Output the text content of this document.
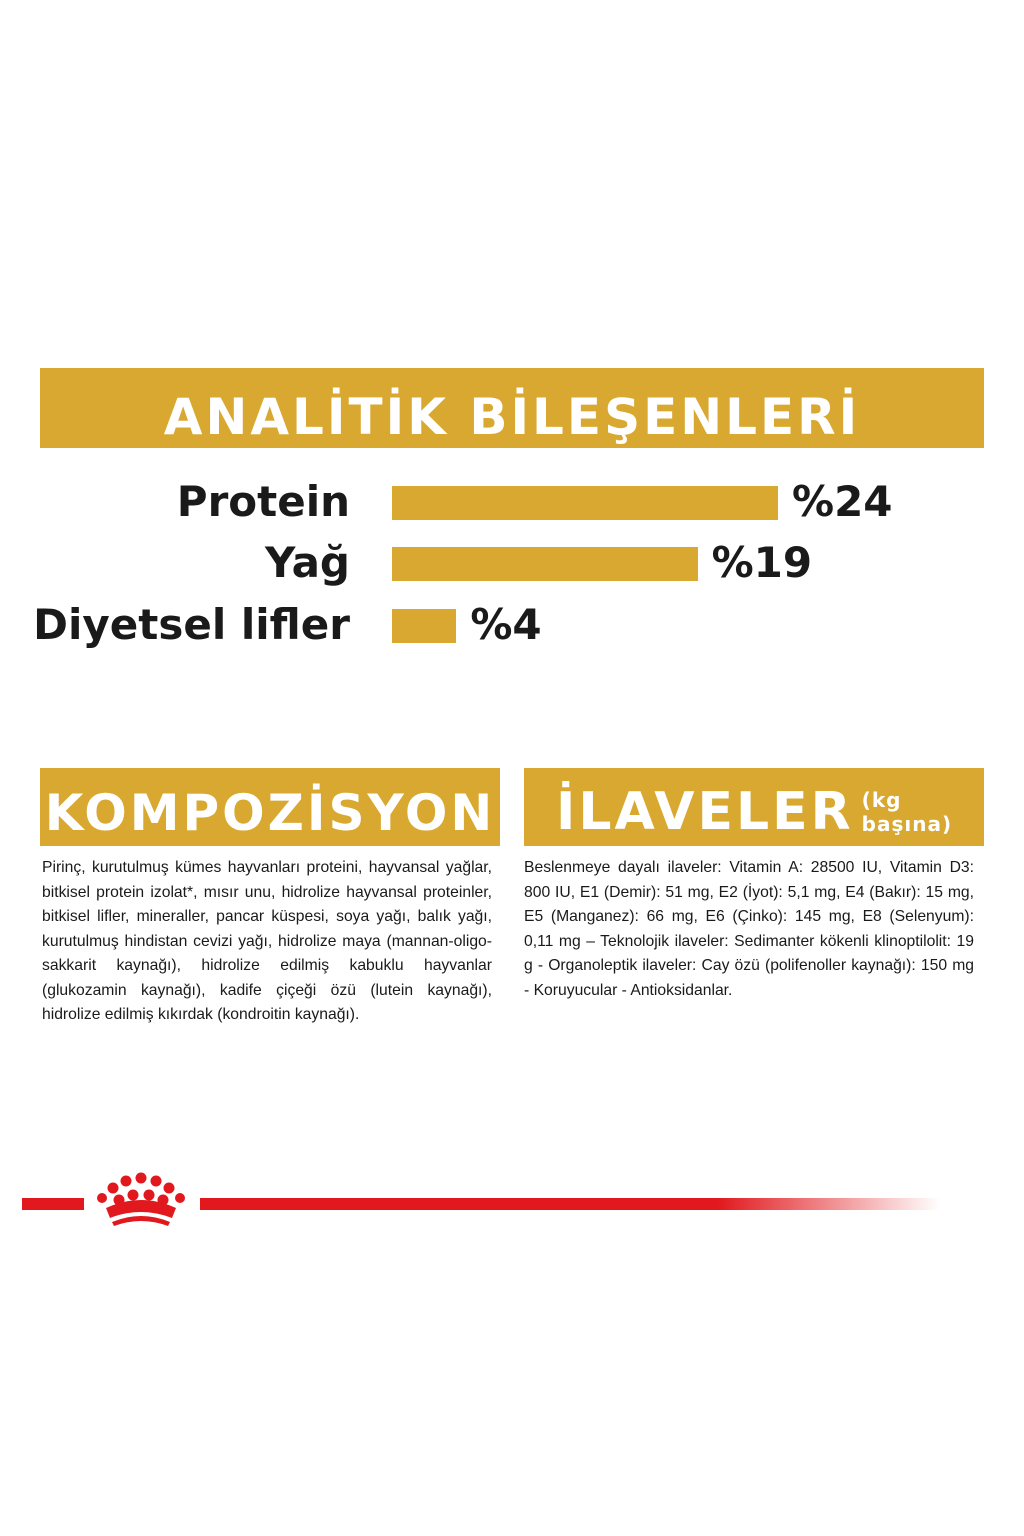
ANALİTİK BİLEŞENLERİ
Protein	%24
Yağ	%19
Diyetsel lifler	%4
KOMPOZİSYON İLAVELER (kg başına)

Pirinç, kurutulmuş kümes hayvanları proteini, hayvansal yağlar, bitkisel protein izolat*, mısır unu, hidrolize hayvansal proteinler, bitkisel lifler, mineraller, pancar küspesi, soya yağı, balık yağı, kurutulmuş hindistan cevizi yağı, hidrolize maya (mannan-oligo-sakkarit kaynağı), hidrolize edilmiş kabuklu hayvanlar (glukozamin kaynağı), kadife çiçeği özü (lutein kaynağı), hidrolize edilmiş kıkırdak (kondroitin kaynağı).

Beslenmeye dayalı ilaveler: Vitamin A: 28500 IU, Vitamin D3: 800 IU, E1 (Demir): 51 mg, E2 (İyot): 5,1 mg, E4 (Bakır): 15 mg, E5 (Manganez): 66 mg, E6 (Çinko): 145 mg, E8 (Selenyum): 0,11 mg – Teknolojik ilaveler: Sedimanter kökenli klinoptilolit: 19 g - Organoleptik ilaveler: Cay özü (polifenoller kaynağı): 150 mg - Koruyucular - Antioksidanlar.
